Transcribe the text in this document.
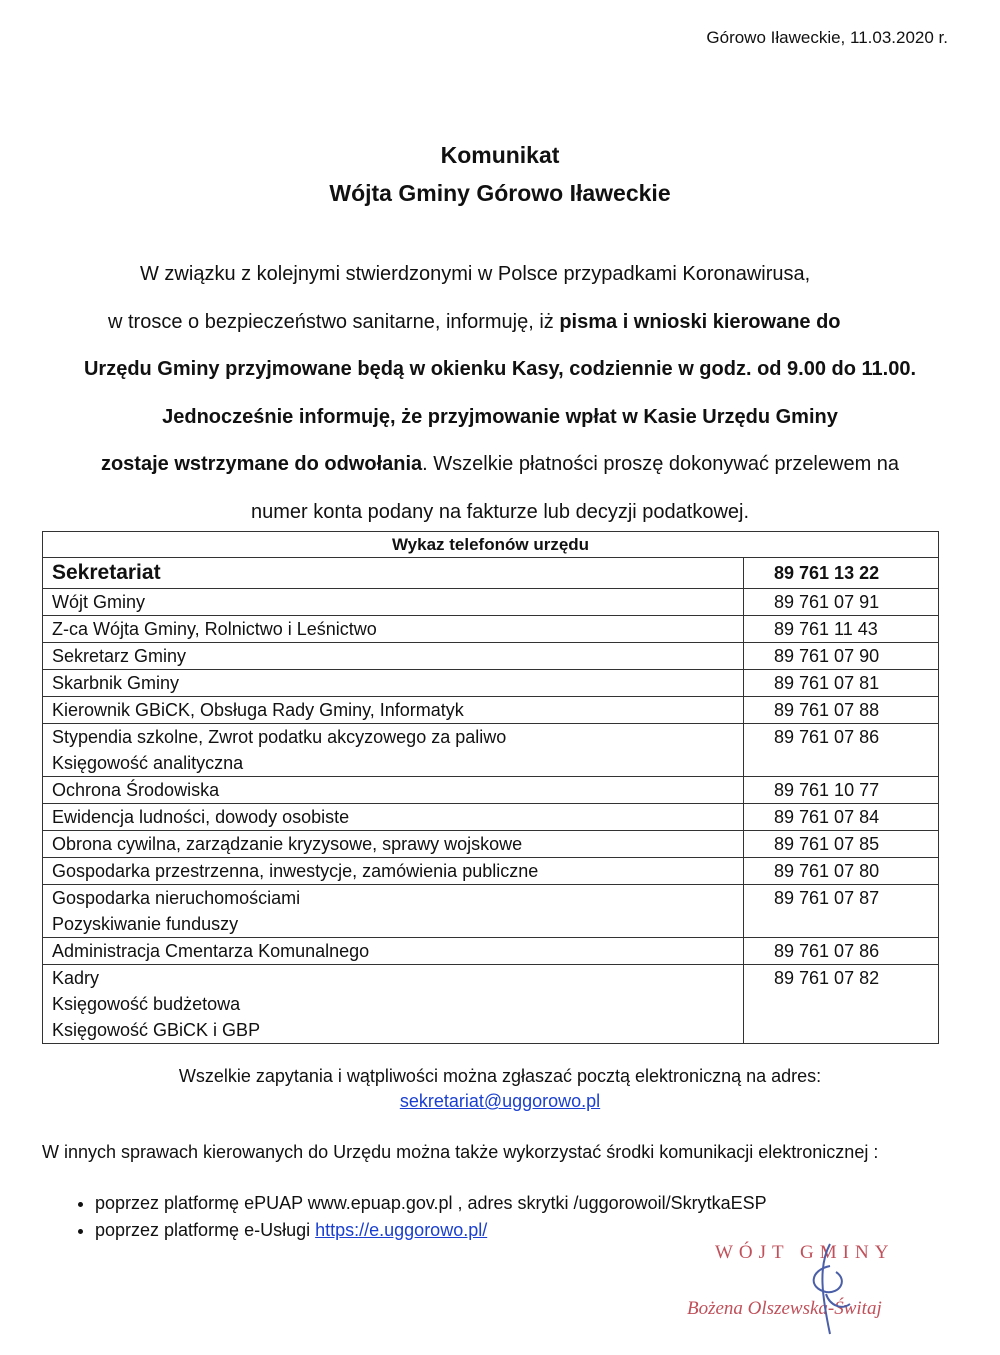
Górowo Iławeckie, 11.03.2020 r.
Komunikat
Wójta Gminy Górowo Iławeckie

W związku z kolejnymi stwierdzonymi w Polsce przypadkami Koronawirusa,

w trosce o bezpieczeństwo sanitarne, informuję, iż pisma i wnioski kierowane do

Urzędu Gminy przyjmowane będą w okienku Kasy, codziennie w godz. od 9.00 do 11.00.

Jednocześnie informuję, że przyjmowanie wpłat w Kasie Urzędu Gminy

zostaje wstrzymane do odwołania. Wszelkie płatności proszę dokonywać przelewem na

numer konta podany na fakturze lub decyzji podatkowej.

Wykaz telefonów urzędu	
Sekretariat	89 761 13 22

Wójt Gminy	89 761 07 91

Z-ca Wójta Gminy, Rolnictwo i Leśnictwo	89 761 11 43

Sekretarz Gminy	89 761 07 90

Skarbnik Gminy	89 761 07 81

Kierownik GBiCK, Obsługa Rady Gminy, Informatyk	89 761 07 88

Stypendia szkolne, Zwrot podatku akcyzowego za paliwo
Księgowość analityczna	89 761 07 86

Ochrona Środowiska	89 761 10 77

Ewidencja ludności, dowody osobiste	89 761 07 84

Obrona cywilna, zarządzanie kryzysowe, sprawy wojskowe	89 761 07 85

Gospodarka przestrzenna, inwestycje, zamówienia publiczne	89 761 07 80

Gospodarka nieruchomościami
Pozyskiwanie funduszy	89 761 07 87

Administracja Cmentarza Komunalnego	89 761 07 86

Kadry
Księgowość budżetowa
Księgowość GBiCK i GBP	89 761 07 82
Wszelkie zapytania i wątpliwości można zgłaszać pocztą elektroniczną na adres:
sekretariat@uggorowo.pl
W innych sprawach kierowanych do Urzędu można także wykorzystać środki komunikacji elektronicznej :
• poprzez platformę ePUAP www.epuap.gov.pl , adres skrytki /uggorowoil/SkrytkaESP
• poprzez platformę e-Usługi https://e.uggorowo.pl/
WÓJT GMINY
Bożena Olszewska-Świtaj
